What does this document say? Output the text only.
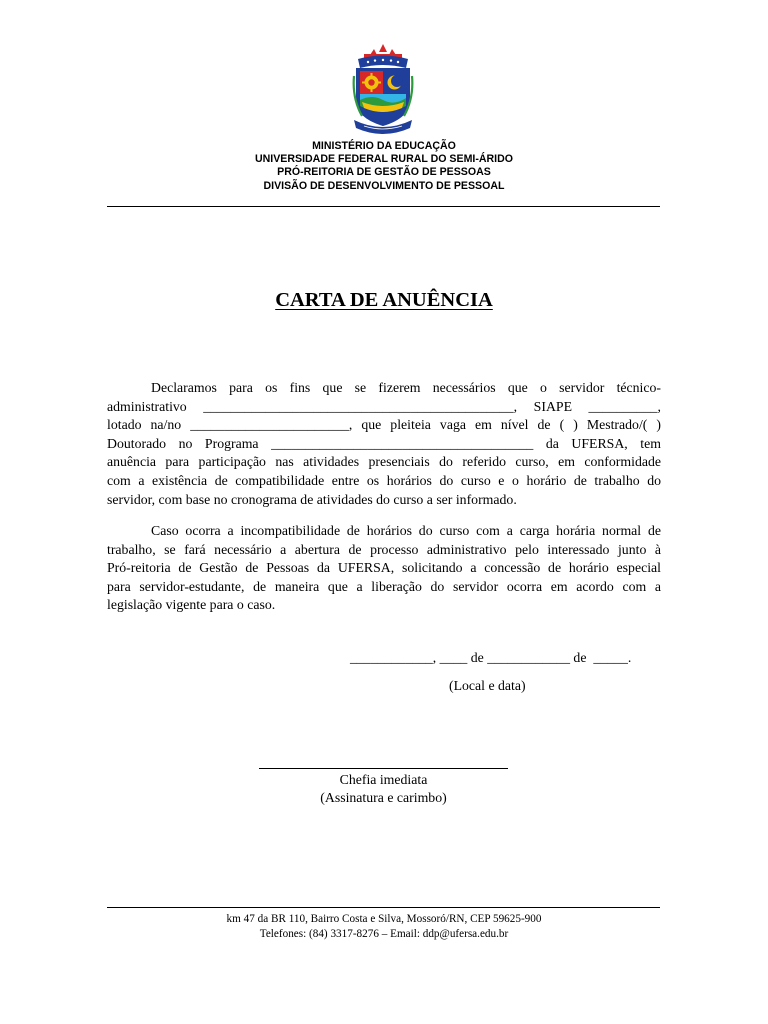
MINISTÉRIO DA EDUCAÇÃO
UNIVERSIDADE FEDERAL RURAL DO SEMI-ÁRIDO
PRÓ-REITORIA DE GESTÃO DE PESSOAS
DIVISÃO DE DESENVOLVIMENTO DE PESSOAL
CARTA DE ANUÊNCIA
Declaramos para os fins que se fizerem necessários que o servidor técnico-
administrativo _____________________________________________, SIAPE __________,
lotado na/no _______________________, que pleiteia vaga em nível de ( ) Mestrado/( )
Doutorado no Programa ______________________________________ da UFERSA, tem
anuência para participação nas atividades presenciais do referido curso, em conformidade
com a existência de compatibilidade entre os horários do curso e o horário de trabalho do
servidor, com base no cronograma de atividades do curso a ser informado.
Caso ocorra a incompatibilidade de horários do curso com a carga horária normal de
trabalho, se fará necessário a abertura de processo administrativo pelo interessado junto à
Pró-reitoria de Gestão de Pessoas da UFERSA, solicitando a concessão de horário especial
para servidor-estudante, de maneira que a liberação do servidor ocorra em acordo com a
legislação vigente para o caso.
____________, ____ de ____________ de  _____.
(Local e data)
Chefia imediata
(Assinatura e carimbo)
km 47 da BR 110, Bairro Costa e Silva, Mossoró/RN, CEP 59625-900
Telefones: (84) 3317-8276 – Email: ddp@ufersa.edu.br
